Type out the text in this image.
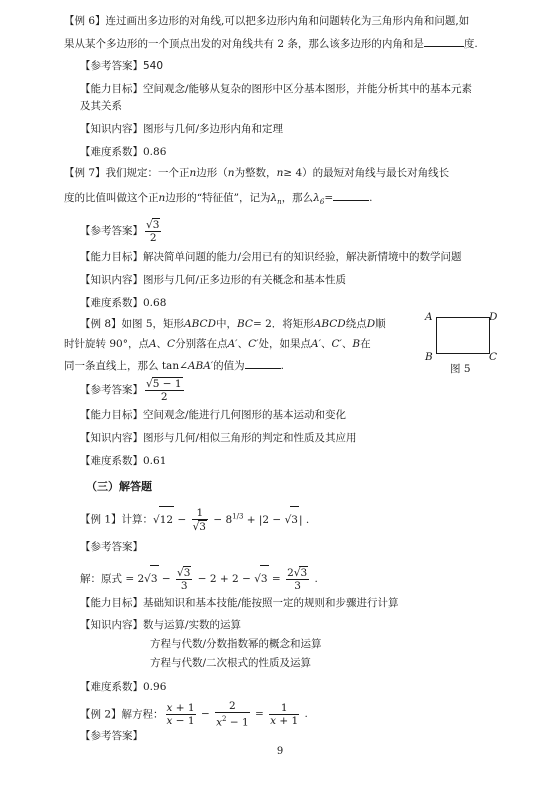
【例 6】连过画出多边形的对角线,可以把多边形内角和问题转化为三角形内角和问题,如
果从某个多边形的一个顶点出发的对角线共有 2 条，那么该多边形的内角和是	度.
【参考答案】540
【能力目标】空间观念/能够从复杂的图形中区分基本图形，并能分析其中的基本元素
及其关系
【知识内容】图形与几何/多边形内角和定理
【难度系数】0.86
【例 7】我们规定：一个正n边形（n为整数，n≥ 4）的最短对角线与最长对角线长
度的比值叫做这个正n边形的“特征值”，记为$\lambda_n$，那么$\lambda_6=$	.
【参考答案】 $\frac{√3}{2}$
【能力目标】解决简单问题的能力/会用已有的知识经验，解决新情境中的数学问题
【知识内容】图形与几何/正多边形的有关概念和基本性质
【难度系数】0.68
【例 8】如图 5，矩形ABCD中，BC= 2．将矩形ABCD绕点D顺
时针旋转 90°，点A、C分别落在点A′、C′处，如果点A′、C′、B在
同一条直线上，那么 tan∠ABA′的值为	.
A	D
B	C
图 5
【参考答案】 $\frac{√5 - 1}{2}$
【能力目标】空间观念/能进行几何图形的基本运动和变化
【知识内容】图形与几何/相似三角形的判定和性质及其应用
【难度系数】0.61
（三）解答题
【例 1】计算：$√12 - \frac{1}{√3} - 8^{1/3} + |2 - √3|$ .
【参考答案】
解：原式 = $2√3 - \frac{√3}{3} - 2 + 2 - √3 = \frac{2√3}{3}$ .
【能力目标】基础知识和基本技能/能按照一定的规则和步骤进行计算
【知识内容】数与运算/实数的运算
方程与代数/分数指数幂的概念和运算
方程与代数/二次根式的性质及运算
【难度系数】0.96
【例 2】解方程： $\frac{x + 1}{x - 1} - \frac{2}{x^2 - 1} = \frac{1}{x + 1}$ .
【参考答案】
9
